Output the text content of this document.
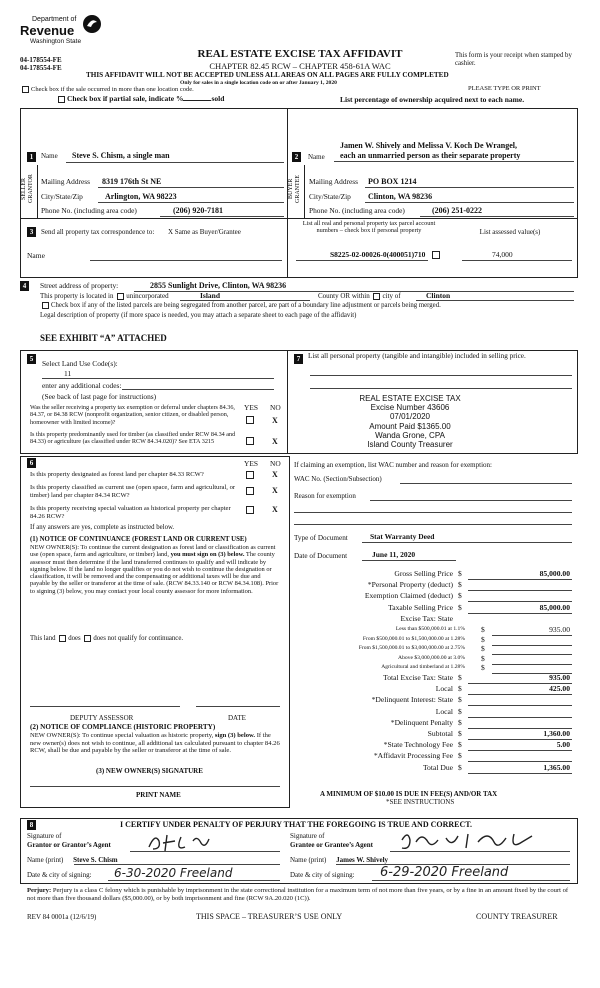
Department of
Revenue
Washington State
04-178554-FE
04-178554-FE
REAL ESTATE EXCISE TAX AFFIDAVIT
CHAPTER 82.45 RCW – CHAPTER 458-61A WAC
This form is your receipt when stamped by cashier.
THIS AFFIDAVIT WILL NOT BE ACCEPTED UNLESS ALL AREAS ON ALL PAGES ARE FULLY COMPLETED
Only for sales in a single location code on or after January 1, 2020
PLEASE TYPE OR PRINT
Check box if the sale occurred in more than one location code.
Check box if partial sale, indicate %	sold	List percentage of ownership acquired next to each name.
1
SELLER GRANTOR
Name Steve S. Chism, a single man
Mailing Address 8319 176th St NE
City/State/Zip	Arlington, WA 98223
Phone No. (including area code)	(206) 920-7181
Jamen W. Shively and Melissa V. Koch De Wrangel,
2	Name each an unmarried person as their separate property
BUYER GRANTEE	Mailing Address PO BOX 1214
City/State/Zip Clinton, WA 98236
Phone No. (including area code)	(206) 251-0222
3	Send all property tax correspondence to: X Same as Buyer/Grantee
List all real and personal property tax parcel account numbers – check box if personal property	List assessed value(s)
Name	S8225-02-00026-0(400051)710	74,000
4	Street address of property:	2855 Sunlight Drive, Clinton, WA 98236
This property is located in unincorporated	Island	County OR within city of	Clinton
Check box if any of the listed parcels are being segregated from another parcel, are part of a boundary line adjustment or parcels being merged.
Legal description of property (if more space is needed, you may attach a separate sheet to each page of the affidavit)
SEE EXHIBIT “A” ATTACHED
5	Select Land Use Code(s):
11
enter any additional codes:
(See back of last page for instructions)
YES NO
Was the seller receiving a property tax exemption or deferral under chapters 84.36, 84.37, or 84.38 RCW (nonprofit organization, senior citizen, or disabled person, homeowner with limited income)?	X
Is this property predominantly used for timber (as classified under RCW 84.34 and 84.33) or agriculture (as classified under RCW 84.34.020)? See ETA 3215	X
7	List all personal property (tangible and intangible) included in selling price.
REAL ESTATE EXCISE TAX
Excise Number 43606
07/01/2020
Amount Paid $1365.00
Wanda Grone, CPA
Island County Treasurer
6	YES NO
Is this property designated as forest land per chapter 84.33 RCW?	X
Is this property classified as current use (open space, farm and agricultural, or timber) land per chapter 84.34 RCW?
X
Is this property receiving special valuation as historical property per chapter 84.26 RCW?
X
If any answers are yes, complete as instructed below.
(1) NOTICE OF CONTINUANCE (FOREST LAND OR CURRENT USE)
NEW OWNER(S): To continue the current designation as forest land or classification as current use (open space, farm and agriculture, or timber) land, you must sign on (3) below. The county assessor must then determine if the land transferred continues to qualify and will indicate by signing below. If the land no longer qualifies or you do not wish to continue the designation or classification, it will be removed and the compensating or additional taxes will be due and payable by the seller or transferor at the time of sale. (RCW 84.33.140 or RCW 84.34.108). Prior to signing (3) below, you may contact your local county assessor for more information.
This land does does not qualify for continuance.
DEPUTY ASSESSOR	DATE
(2) NOTICE OF COMPLIANCE (HISTORIC PROPERTY)
NEW OWNER(S): To continue special valuation as historic property, sign (3) below. If the new owner(s) does not wish to continue, all additional tax calculated pursuant to chapter 84.26 RCW, shall be due and payable by the seller or transferor at the time of sale.
(3) NEW OWNER(S) SIGNATURE
PRINT NAME
If claiming an exemption, list WAC number and reason for exemption:
WAC No. (Section/Subsection)
Reason for exemption
Type of Document	Stat Warranty Deed
Date of Document	June 11, 2020
Gross Selling Price $	85,000.00
*Personal Property (deduct) $
Exemption Claimed (deduct) $
Taxable Selling Price $	85,000.00
Excise Tax: State
Less than $500,000.01 at 1.1% $	935.00
From $500,000.01 to $1,500,000.00 at 1.28% $
From $1,500,000.01 to $3,000,000.00 at 2.75% $
Above $3,000,000.00 at 3.0% $
Agricultural and timberland at 1.28% $
Total Excise Tax: State $	935.00
Local $	425.00
*Delinquent Interest: State $
Local $
*Delinquent Penalty $
Subtotal $	1,360.00
*State Technology Fee $	5.00
*Affidavit Processing Fee $
Total Due $	1,365.00
A MINIMUM OF $10.00 IS DUE IN FEE(S) AND/OR TAX
*SEE INSTRUCTIONS
8	I CERTIFY UNDER PENALTY OF PERJURY THAT THE FOREGOING IS TRUE AND CORRECT.
Signature of
Grantor or Grantor’s Agent
Signature of
Grantee or Grantee’s Agent
Name (print) Steve S. Chism	Name (print) James W. Shively
Date & city of signing: 6-30-2020 Freeland	Date & city of signing: 6-29-2020 Freeland
Perjury: Perjury is a class C felony which is punishable by imprisonment in the state correctional institution for a maximum term of not more than five years, or by a fine in an amount fixed by the court of not more than five thousand dollars ($5,000.00), or by both imprisonment and fine (RCW 9A.20.020 (1C)).
REV 84 0001a (12/6/19)	THIS SPACE – TREASURER’S USE ONLY	COUNTY TREASURER
